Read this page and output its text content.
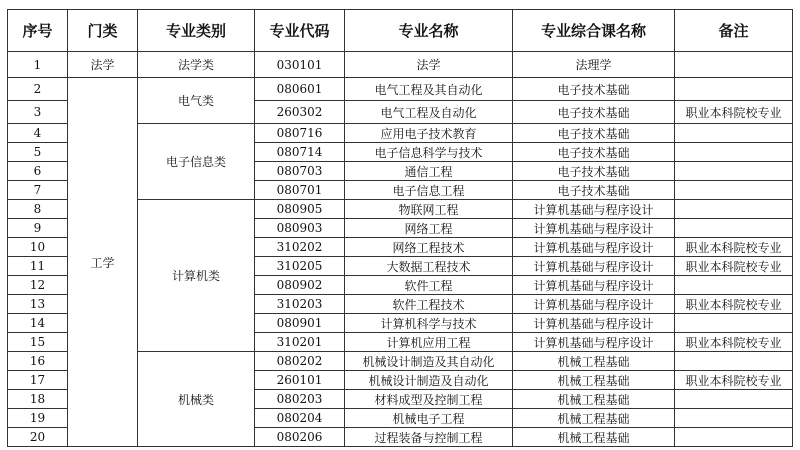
序号	门类	专业类别	专业代码	专业名称	专业综合课名称	备注
1	法学	法学类	030101	法学	法理学	
2	工学	电气类	080601	电气工程及其自动化	电子技术基础	
3			260302	电气工程及自动化	电子技术基础	职业本科院校专业
4		电子信息类	080716	应用电子技术教育	电子技术基础	
5			080714	电子信息科学与技术	电子技术基础	
6			080703	通信工程	电子技术基础	
7			080701	电子信息工程	电子技术基础	
8		计算机类	080905	物联网工程	计算机基础与程序设计	
9			080903	网络工程	计算机基础与程序设计	
10			310202	网络工程技术	计算机基础与程序设计	职业本科院校专业
11			310205	大数据工程技术	计算机基础与程序设计	职业本科院校专业
12			080902	软件工程	计算机基础与程序设计	
13			310203	软件工程技术	计算机基础与程序设计	职业本科院校专业
14			080901	计算机科学与技术	计算机基础与程序设计	
15			310201	计算机应用工程	计算机基础与程序设计	职业本科院校专业
16		机械类	080202	机械设计制造及其自动化	机械工程基础	
17			260101	机械设计制造及自动化	机械工程基础	职业本科院校专业
18			080203	材料成型及控制工程	机械工程基础	
19			080204	机械电子工程	机械工程基础	
20			080206	过程装备与控制工程	机械工程基础	
